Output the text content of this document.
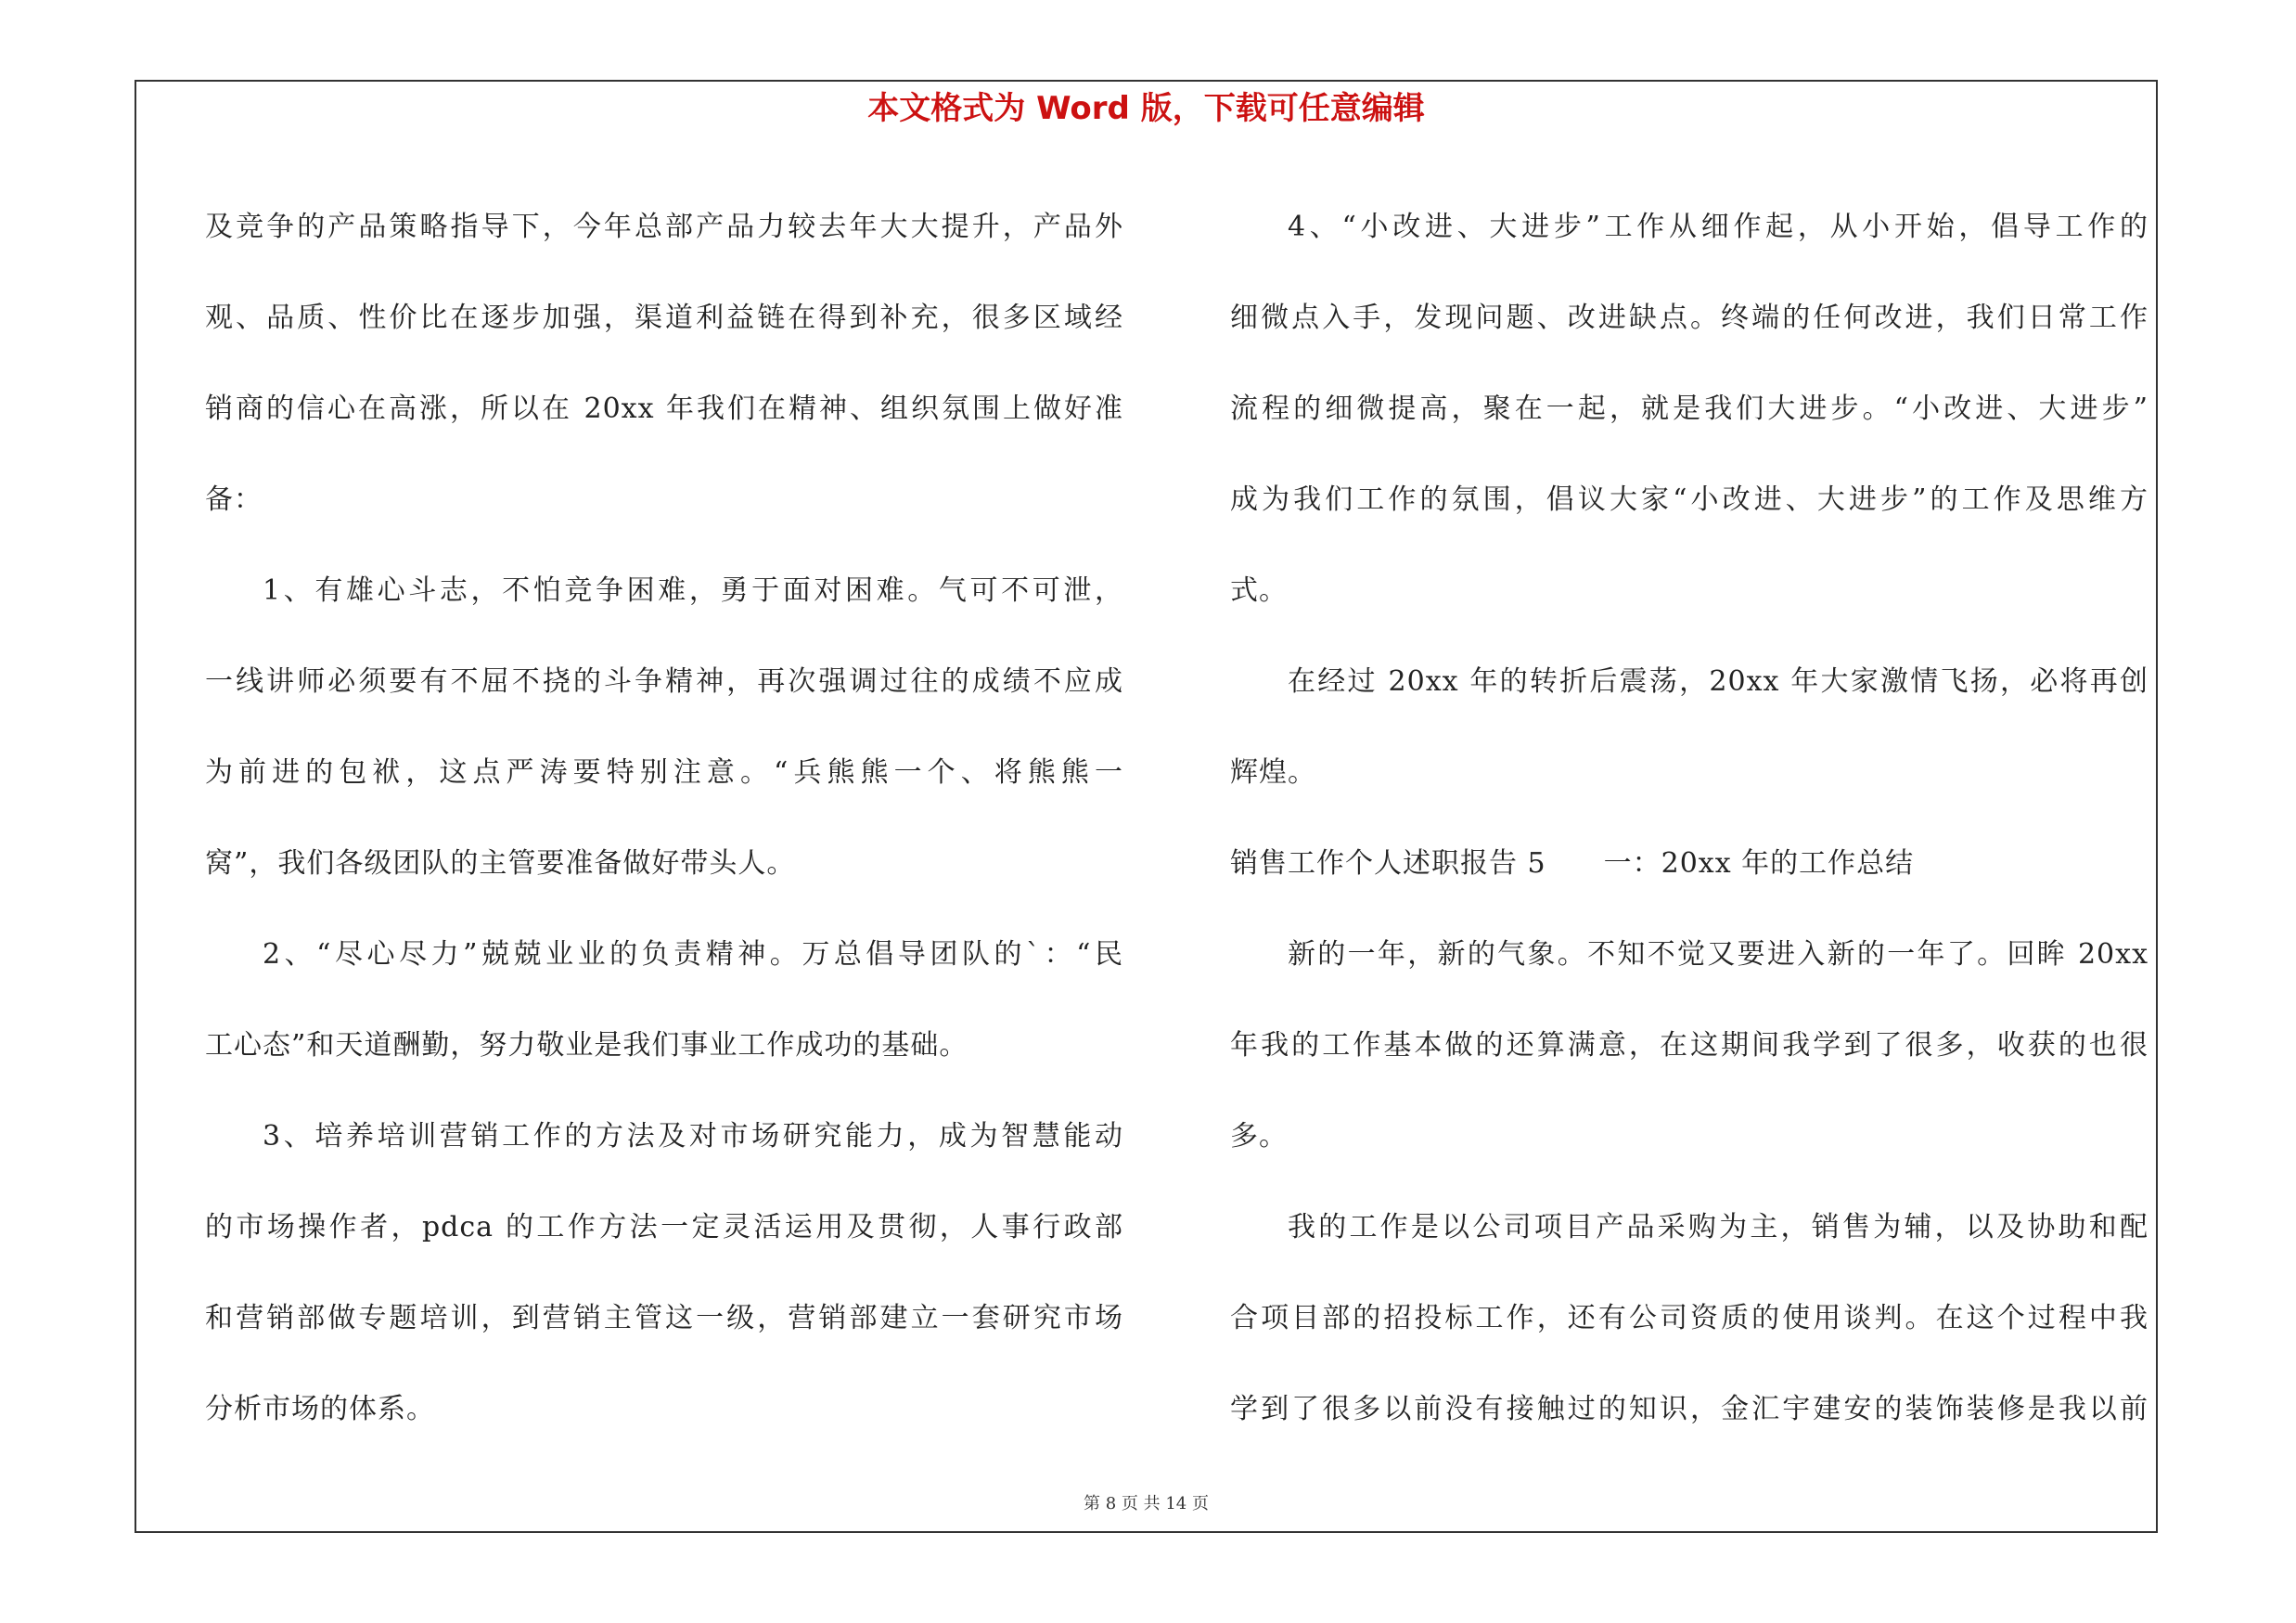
本文格式为 Word 版，下载可任意编辑
及竞争的产品策略指导下，今年总部产品力较去年大大提升，产品外
观、品质、性价比在逐步加强，渠道利益链在得到补充，很多区域经
销商的信心在高涨，所以在 20xx 年我们在精神、组织氛围上做好准
备：
1、有雄心斗志，不怕竞争困难，勇于面对困难。气可不可泄，
一线讲师必须要有不屈不挠的斗争精神，再次强调过往的成绩不应成
为前进的包袱，这点严涛要特别注意。“兵熊熊一个、将熊熊一
窝”，我们各级团队的主管要准备做好带头人。
2、“尽心尽力”兢兢业业的负责精神。万总倡导团队的`：“民
工心态”和天道酬勤，努力敬业是我们事业工作成功的基础。
3、培养培训营销工作的方法及对市场研究能力，成为智慧能动
的市场操作者，pdca 的工作方法一定灵活运用及贯彻，人事行政部
和营销部做专题培训，到营销主管这一级，营销部建立一套研究市场
分析市场的体系。
4、“小改进、大进步”工作从细作起，从小开始，倡导工作的
细微点入手，发现问题、改进缺点。终端的任何改进，我们日常工作
流程的细微提高，聚在一起，就是我们大进步。“小改进、大进步”
成为我们工作的氛围，倡议大家“小改进、大进步”的工作及思维方
式。
在经过 20xx 年的转折后震荡，20xx 年大家激情飞扬，必将再创
辉煌。
销售工作个人述职报告 5　　一：20xx 年的工作总结
新的一年，新的气象。不知不觉又要进入新的一年了。回眸 20xx
年我的工作基本做的还算满意，在这期间我学到了很多，收获的也很
多。
我的工作是以公司项目产品采购为主，销售为辅，以及协助和配
合项目部的招投标工作，还有公司资质的使用谈判。在这个过程中我
学到了很多以前没有接触过的知识，金汇宇建安的装饰装修是我以前
第 8 页 共 14 页
